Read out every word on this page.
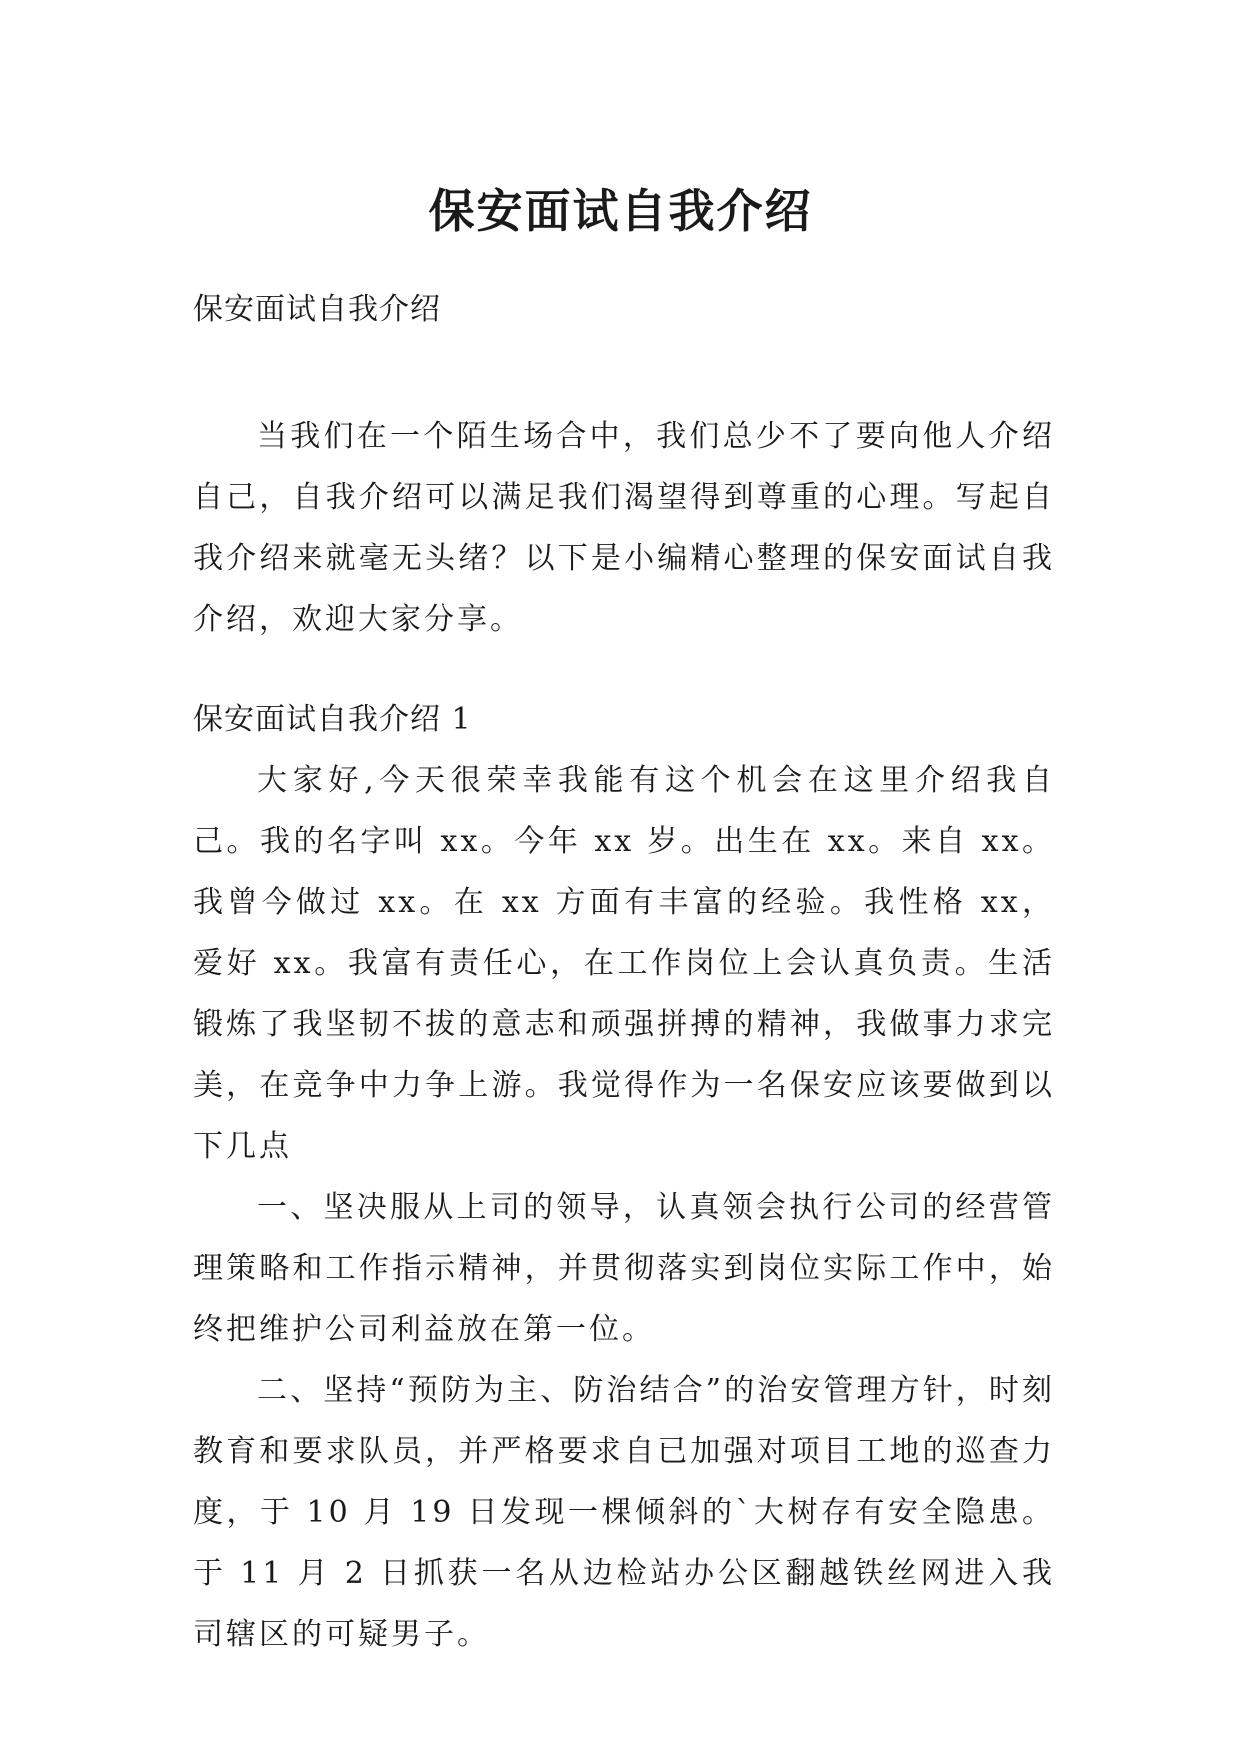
保安面试自我介绍
保安面试自我介绍

当我们在一个陌生场合中，我们总少不了要向他人介绍自己，自我介绍可以满足我们渴望得到尊重的心理。写起自我介绍来就毫无头绪？以下是小编精心整理的保安面试自我介绍，欢迎大家分享。

保安面试自我介绍 1

大家好,今天很荣幸我能有这个机会在这里介绍我自己。我的名字叫 xx。今年 xx 岁。出生在 xx。来自 xx。我曾今做过 xx。在 xx 方面有丰富的经验。我性格 xx，爱好 xx。我富有责任心，在工作岗位上会认真负责。生活锻炼了我坚韧不拔的意志和顽强拼搏的精神，我做事力求完美，在竞争中力争上游。我觉得作为一名保安应该要做到以下几点

一、坚决服从上司的领导，认真领会执行公司的经营管理策略和工作指示精神，并贯彻落实到岗位实际工作中，始终把维护公司利益放在第一位。

二、坚持“预防为主、防治结合”的治安管理方针，时刻教育和要求队员，并严格要求自已加强对项目工地的巡查力度，于 10 月 19 日发现一棵倾斜的`大树存有安全隐患。于 11 月 2 日抓获一名从边检站办公区翻越铁丝网进入我司辖区的可疑男子。
